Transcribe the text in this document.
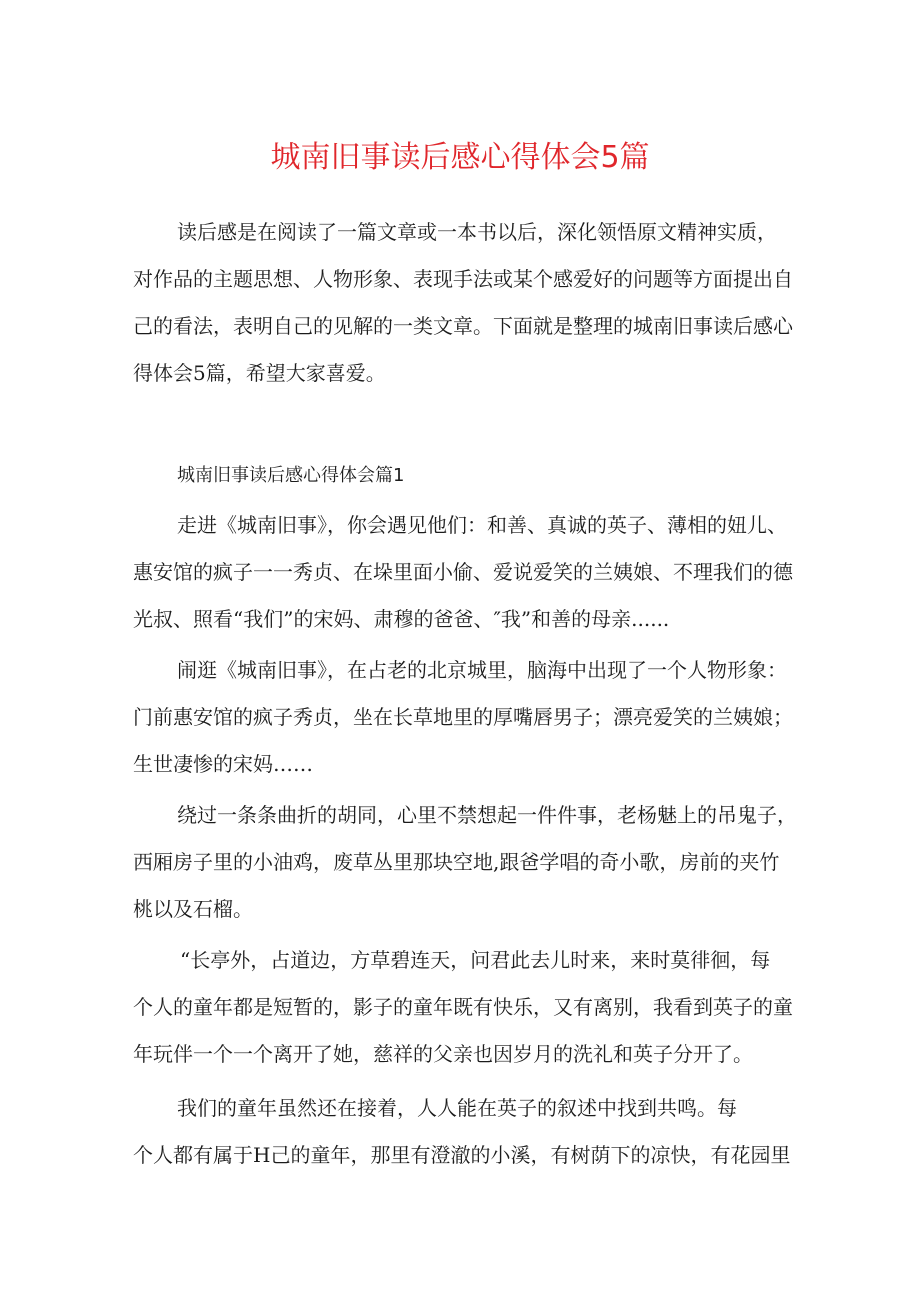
城南旧事读后感心得体会5篇
读后感是在阅读了一篇文章或一本书以后，深化领悟原文精神实质，
对作品的主题思想、人物形象、表现手法或某个感爱好的问题等方面提出自
己的看法，表明自己的见解的一类文章。下面就是整理的城南旧事读后感心
得体会5篇，希望大家喜爱。
城南旧事读后感心得体会篇1
走进《城南旧事》，你会遇见他们：和善、真诚的英子、薄相的妞儿、
惠安馆的疯子一一秀贞、在垛里面小偷、爱说爱笑的兰姨娘、不理我们的德
光叔、照看“我们”的宋妈、肃穆的爸爸、″我”和善的母亲......
闹逛《城南旧事》，在占老的北京城里，脑海中出现了一个人物形象：
门前惠安馆的疯子秀贞，坐在长草地里的厚嘴唇男子；漂亮爱笑的兰姨娘；
生世凄惨的宋妈……
绕过一条条曲折的胡同，心里不禁想起一件件事，老杨魅上的吊鬼子，
西厢房子里的小油鸡，废草丛里那块空地,跟爸学唱的奇小歌，房前的夹竹
桃以及石榴。
“长亭外，占道边，方草碧连天，问君此去儿时来，来时莫徘徊，每
个人的童年都是短暂的，影子的童年既有快乐，又有离别，我看到英子的童
年玩伴一个一个离开了她，慈祥的父亲也因岁月的洗礼和英子分开了。
我们的童年虽然还在接着，人人能在英子的叙述中找到共鸣。每
个人都有属于H己的童年，那里有澄澈的小溪，有树荫下的凉快，有花园里
